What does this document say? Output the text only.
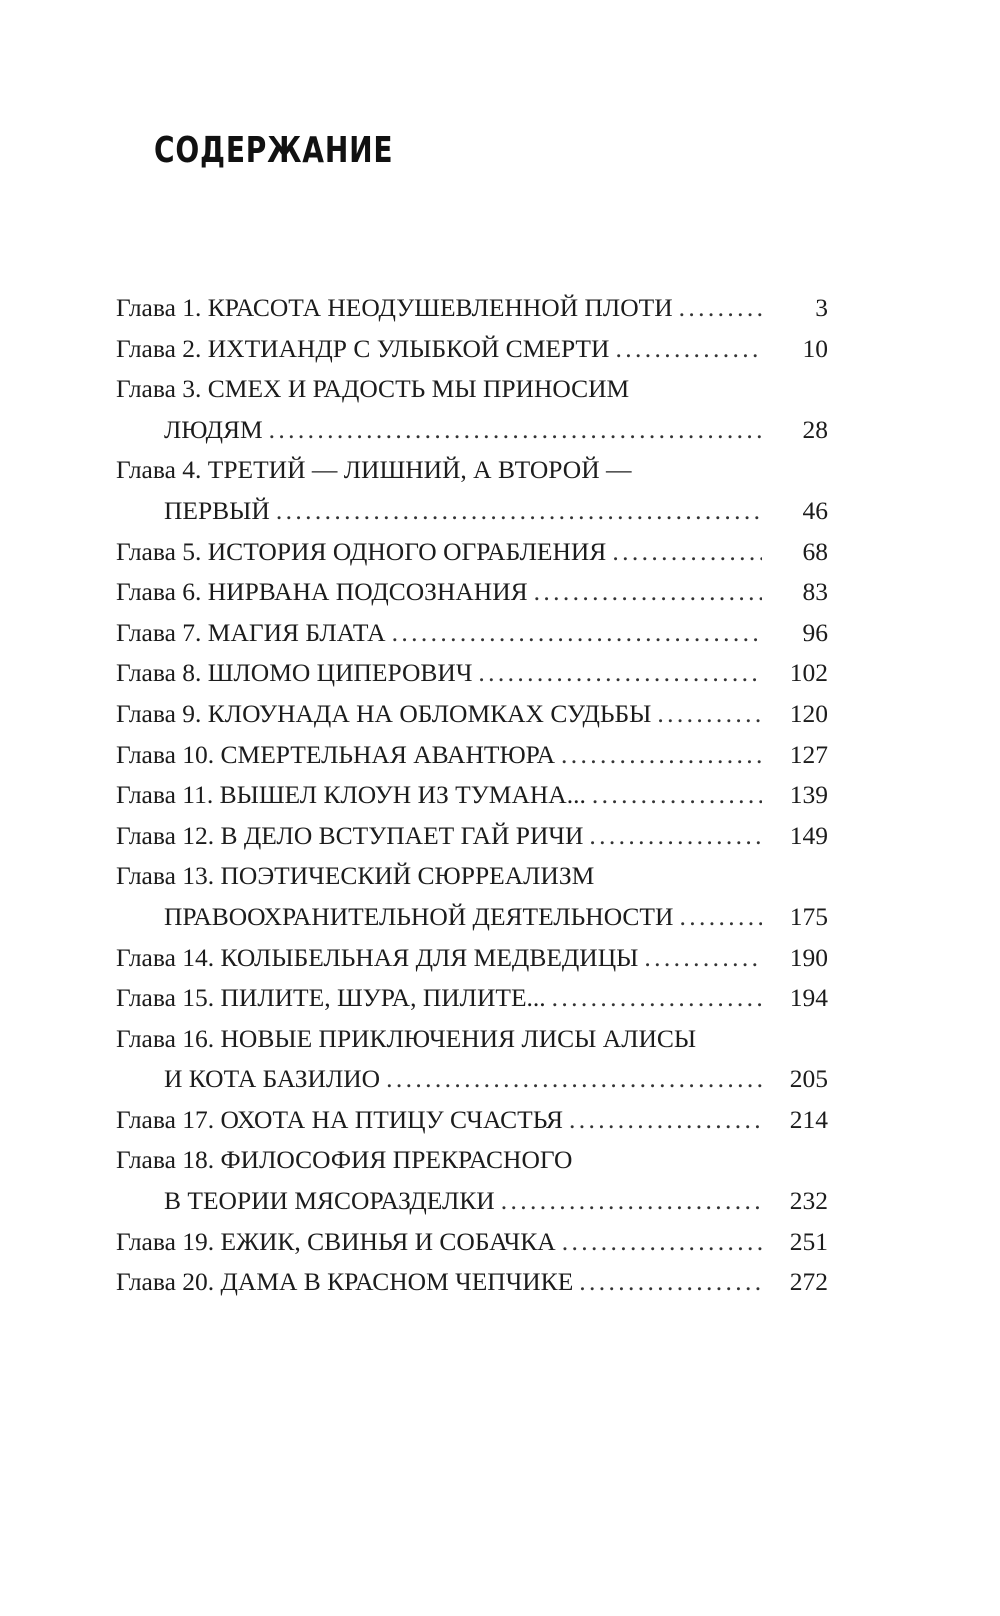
СОДЕРЖАНИЕ
Глава 1. КРАСОТА НЕОДУШЕВЛЕННОЙ ПЛОТИ . . .	3
Глава 2. ИХТИАНДР С УЛЫБКОЙ СМЕРТИ . . .	10
Глава 3. СМЕХ И РАДОСТЬ МЫ ПРИНОСИМ
ЛЮДЯМ . . .	28
Глава 4. ТРЕТИЙ — ЛИШНИЙ, А ВТОРОЙ —
ПЕРВЫЙ . . .	46
Глава 5. ИСТОРИЯ ОДНОГО ОГРАБЛЕНИЯ . . .	68
Глава 6. НИРВАНА ПОДСОЗНАНИЯ . . .	83
Глава 7. МАГИЯ БЛАТА . . .	96
Глава 8. ШЛОМО ЦИПЕРОВИЧ . . .	102
Глава 9. КЛОУНАДА НА ОБЛОМКАХ СУДЬБЫ . . .	120
Глава 10. СМЕРТЕЛЬНАЯ АВАНТЮРА . . .	127
Глава 11. ВЫШЕЛ КЛОУН ИЗ ТУМАНА... . . .	139
Глава 12. В ДЕЛО ВСТУПАЕТ ГАЙ РИЧИ . . .	149
Глава 13. ПОЭТИЧЕСКИЙ СЮРРЕАЛИЗМ
ПРАВООХРАНИТЕЛЬНОЙ ДЕЯТЕЛЬНОСТИ . . .	175
Глава 14. КОЛЫБЕЛЬНАЯ ДЛЯ МЕДВЕДИЦЫ . . .	190
Глава 15. ПИЛИТЕ, ШУРА, ПИЛИТЕ... . . .	194
Глава 16. НОВЫЕ ПРИКЛЮЧЕНИЯ ЛИСЫ АЛИСЫ
И КОТА БАЗИЛИО . . .	205
Глава 17. ОХОТА НА ПТИЦУ СЧАСТЬЯ . . .	214
Глава 18. ФИЛОСОФИЯ ПРЕКРАСНОГО
В ТЕОРИИ МЯСОРАЗДЕЛКИ . . .	232
Глава 19. ЕЖИК, СВИНЬЯ И СОБАЧКА . . .	251
Глава 20. ДАМА В КРАСНОМ ЧЕПЧИКЕ . . .	272
